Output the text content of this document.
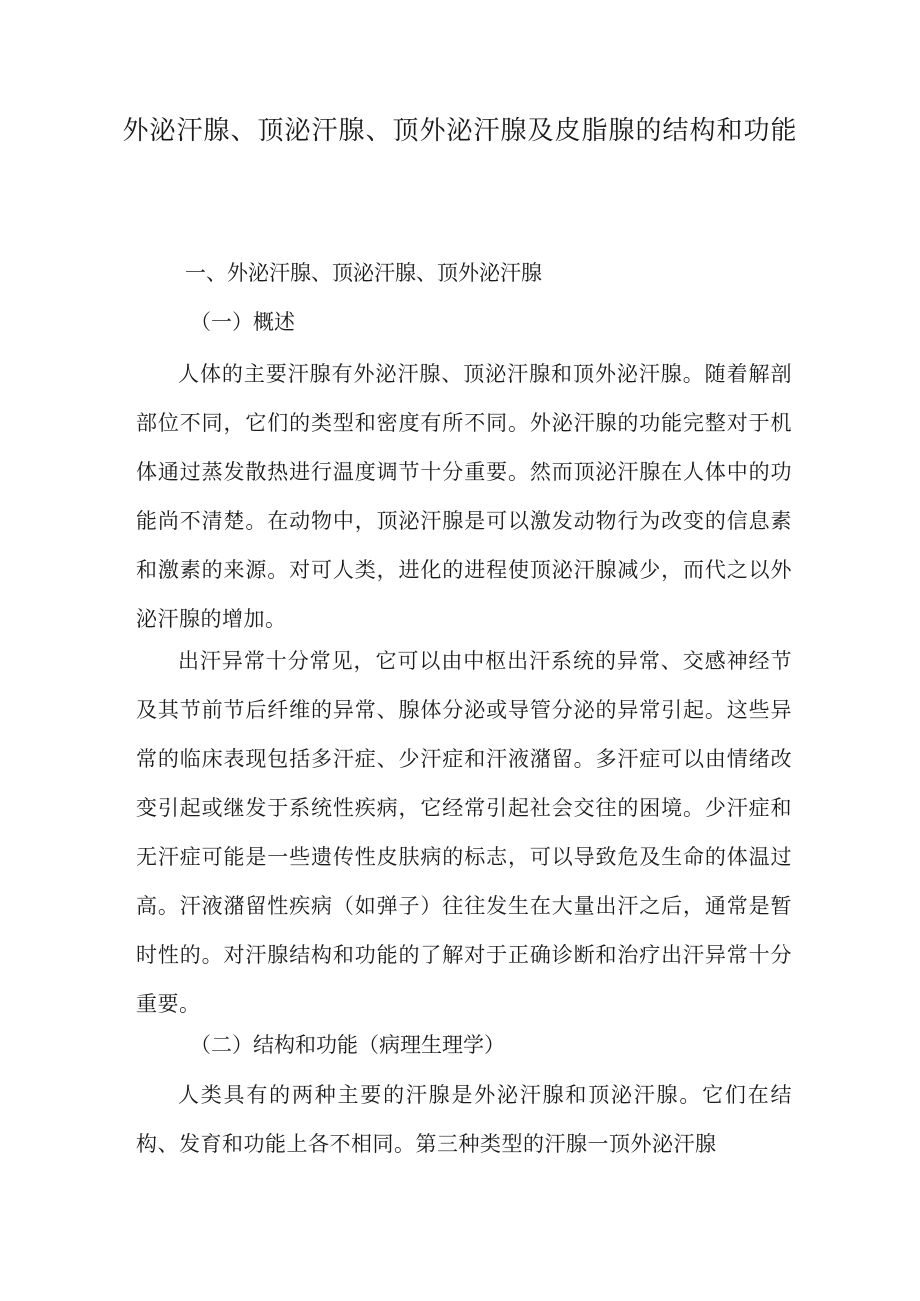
外泌汗腺、顶泌汗腺、顶外泌汗腺及皮脂腺的结构和功能
一、外泌汗腺、顶泌汗腺、顶外泌汗腺
（一）概述

人体的主要汗腺有外泌汗腺、顶泌汗腺和顶外泌汗腺。随着解剖部位不同，它们的类型和密度有所不同。外泌汗腺的功能完整对于机体通过蒸发散热进行温度调节十分重要。然而顶泌汗腺在人体中的功能尚不清楚。在动物中，顶泌汗腺是可以激发动物行为改变的信息素和激素的来源。对可人类，进化的进程使顶泌汗腺减少，而代之以外泌汗腺的增加。

出汗异常十分常见，它可以由中枢出汗系统的异常、交感神经节及其节前节后纤维的异常、腺体分泌或导管分泌的异常引起。这些异常的临床表现包括多汗症、少汗症和汗液潴留。多汗症可以由情绪改变引起或继发于系统性疾病，它经常引起社会交往的困境。少汗症和无汗症可能是一些遗传性皮肤病的标志，可以导致危及生命的体温过高。汗液潴留性疾病（如弹子）往往发生在大量出汗之后，通常是暂时性的。对汗腺结构和功能的了解对于正确诊断和治疗出汗异常十分重要。

（二）结构和功能（病理生理学）

人类具有的两种主要的汗腺是外泌汗腺和顶泌汗腺。它们在结构、发育和功能上各不相同。第三种类型的汗腺一顶外泌汗腺
